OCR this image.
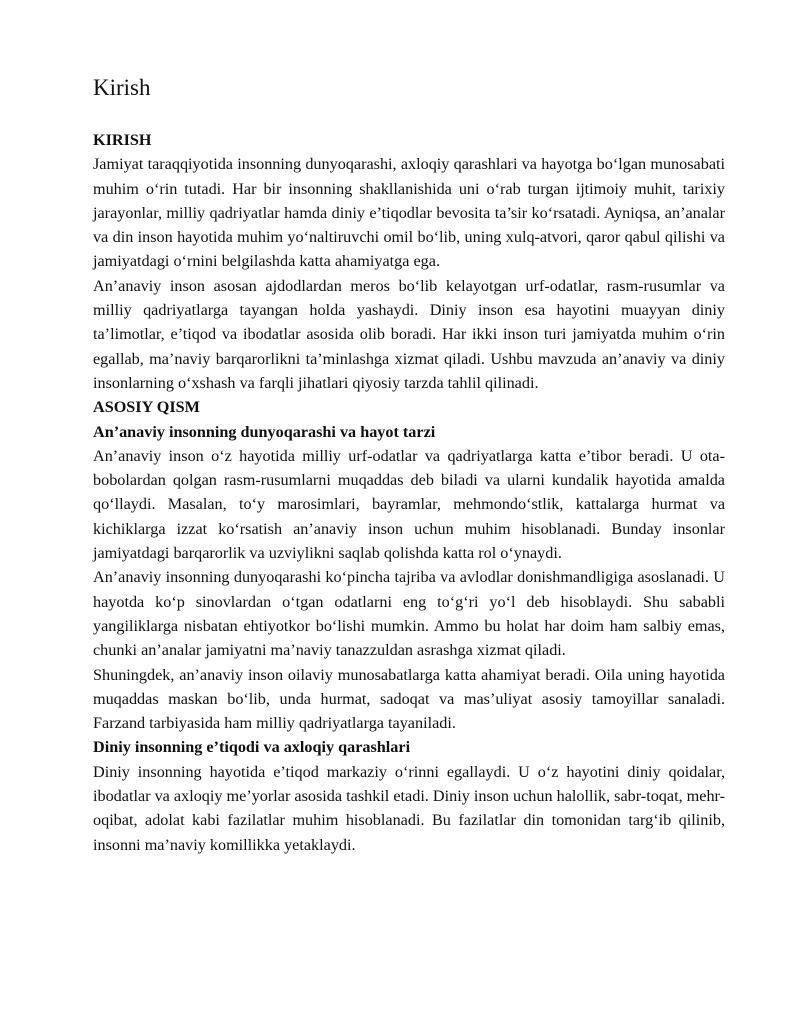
Kirish

KIRISH

Jamiyat taraqqiyotida insonning dunyoqarashi, axloqiy qarashlari va hayotga bo‘lgan munosabati muhim o‘rin tutadi. Har bir insonning shakllanishida uni o‘rab turgan ijtimoiy muhit, tarixiy jarayonlar, milliy qadriyatlar hamda diniy e’tiqodlar bevosita ta’sir ko‘rsatadi. Ayniqsa, an’analar va din inson hayotida muhim yo‘naltiruvchi omil bo‘lib, uning xulq-atvori, qaror qabul qilishi va jamiyatdagi o‘rnini belgilashda katta ahamiyatga ega.

An’anaviy inson asosan ajdodlardan meros bo‘lib kelayotgan urf-odatlar, rasm-rusumlar va milliy qadriyatlarga tayangan holda yashaydi. Diniy inson esa hayotini muayyan diniy ta’limotlar, e’tiqod va ibodatlar asosida olib boradi. Har ikki inson turi jamiyatda muhim o‘rin egallab, ma’naviy barqarorlikni ta’minlashga xizmat qiladi. Ushbu mavzuda an’anaviy va diniy insonlarning o‘xshash va farqli jihatlari qiyosiy tarzda tahlil qilinadi.

ASOSIY QISM

An’anaviy insonning dunyoqarashi va hayot tarzi

An’anaviy inson o‘z hayotida milliy urf-odatlar va qadriyatlarga katta e’tibor beradi. U ota-bobolardan qolgan rasm-rusumlarni muqaddas deb biladi va ularni kundalik hayotida amalda qo‘llaydi. Masalan, to‘y marosimlari, bayramlar, mehmondo‘stlik, kattalarga hurmat va kichiklarga izzat ko‘rsatish an’anaviy inson uchun muhim hisoblanadi. Bunday insonlar jamiyatdagi barqarorlik va uzviylikni saqlab qolishda katta rol o‘ynaydi.

An’anaviy insonning dunyoqarashi ko‘pincha tajriba va avlodlar donishmandligiga asoslanadi. U hayotda ko‘p sinovlardan o‘tgan odatlarni eng to‘g‘ri yo‘l deb hisoblaydi. Shu sababli yangiliklarga nisbatan ehtiyotkor bo‘lishi mumkin. Ammo bu holat har doim ham salbiy emas, chunki an’analar jamiyatni ma’naviy tanazzuldan asrashga xizmat qiladi.

Shuningdek, an’anaviy inson oilaviy munosabatlarga katta ahamiyat beradi. Oila uning hayotida muqaddas maskan bo‘lib, unda hurmat, sadoqat va mas’uliyat asosiy tamoyillar sanaladi. Farzand tarbiyasida ham milliy qadriyatlarga tayaniladi.

Diniy insonning e’tiqodi va axloqiy qarashlari

Diniy insonning hayotida e’tiqod markaziy o‘rinni egallaydi. U o‘z hayotini diniy qoidalar, ibodatlar va axloqiy me’yorlar asosida tashkil etadi. Diniy inson uchun halollik, sabr-toqat, mehr-oqibat, adolat kabi fazilatlar muhim hisoblanadi. Bu fazilatlar din tomonidan targ‘ib qilinib, insonni ma’naviy komillikka yetaklaydi.
